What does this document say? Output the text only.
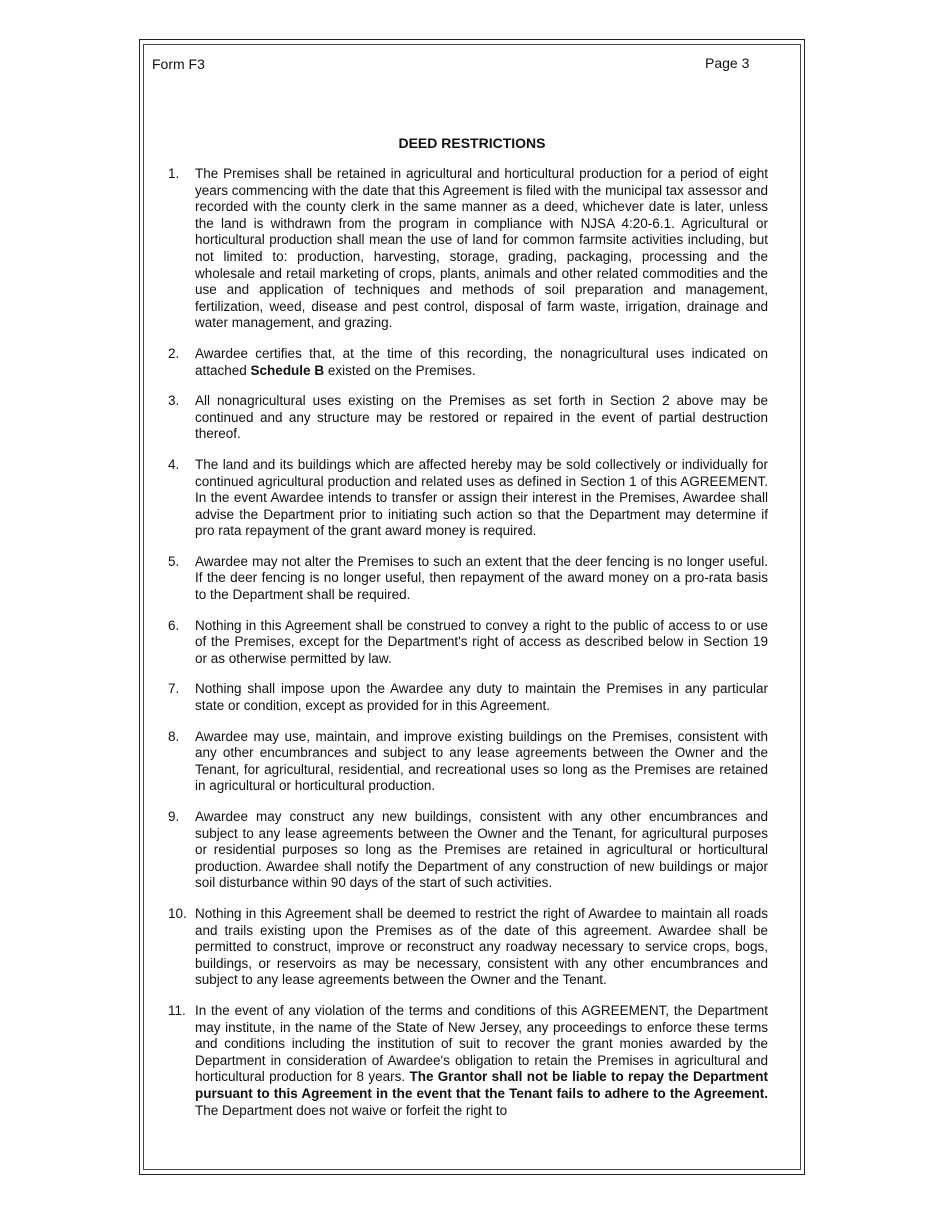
Form F3	Page 3
DEED RESTRICTIONS
1.	The Premises shall be retained in agricultural and horticultural production for a period of eight years commencing with the date that this Agreement is filed with the municipal tax assessor and recorded with the county clerk in the same manner as a deed, whichever date is later, unless the land is withdrawn from the program in compliance with NJSA 4:20-6.1. Agricultural or horticultural production shall mean the use of land for common farmsite activities including, but not limited to: production, harvesting, storage, grading, packaging, processing and the wholesale and retail marketing of crops, plants, animals and other related commodities and the use and application of techniques and methods of soil preparation and management, fertilization, weed, disease and pest control, disposal of farm waste, irrigation, drainage and water management, and grazing.
2.	Awardee certifies that, at the time of this recording, the nonagricultural uses indicated on attached Schedule B existed on the Premises.
3.	All nonagricultural uses existing on the Premises as set forth in Section 2 above may be continued and any structure may be restored or repaired in the event of partial destruction thereof.
4.	The land and its buildings which are affected hereby may be sold collectively or individually for continued agricultural production and related uses as defined in Section 1 of this AGREEMENT. In the event Awardee intends to transfer or assign their interest in the Premises, Awardee shall advise the Department prior to initiating such action so that the Department may determine if pro rata repayment of the grant award money is required.
5.	Awardee may not alter the Premises to such an extent that the deer fencing is no longer useful. If the deer fencing is no longer useful, then repayment of the award money on a pro-rata basis to the Department shall be required.
6.	Nothing in this Agreement shall be construed to convey a right to the public of access to or use of the Premises, except for the Department's right of access as described below in Section 19 or as otherwise permitted by law.
7.	Nothing shall impose upon the Awardee any duty to maintain the Premises in any particular state or condition, except as provided for in this Agreement.
8.	Awardee may use, maintain, and improve existing buildings on the Premises, consistent with any other encumbrances and subject to any lease agreements between the Owner and the Tenant, for agricultural, residential, and recreational uses so long as the Premises are retained in agricultural or horticultural production.
9.	Awardee may construct any new buildings, consistent with any other encumbrances and subject to any lease agreements between the Owner and the Tenant, for agricultural purposes or residential purposes so long as the Premises are retained in agricultural or horticultural production. Awardee shall notify the Department of any construction of new buildings or major soil disturbance within 90 days of the start of such activities.
10. Nothing in this Agreement shall be deemed to restrict the right of Awardee to maintain all roads and trails existing upon the Premises as of the date of this agreement. Awardee shall be permitted to construct, improve or reconstruct any roadway necessary to service crops, bogs, buildings, or reservoirs as may be necessary, consistent with any other encumbrances and subject to any lease agreements between the Owner and the Tenant.
11. In the event of any violation of the terms and conditions of this AGREEMENT, the Department may institute, in the name of the State of New Jersey, any proceedings to enforce these terms and conditions including the institution of suit to recover the grant monies awarded by the Department in consideration of Awardee's obligation to retain the Premises in agricultural and horticultural production for 8 years. The Grantor shall not be liable to repay the Department pursuant to this Agreement in the event that the Tenant fails to adhere to the Agreement. The Department does not waive or forfeit the right to
